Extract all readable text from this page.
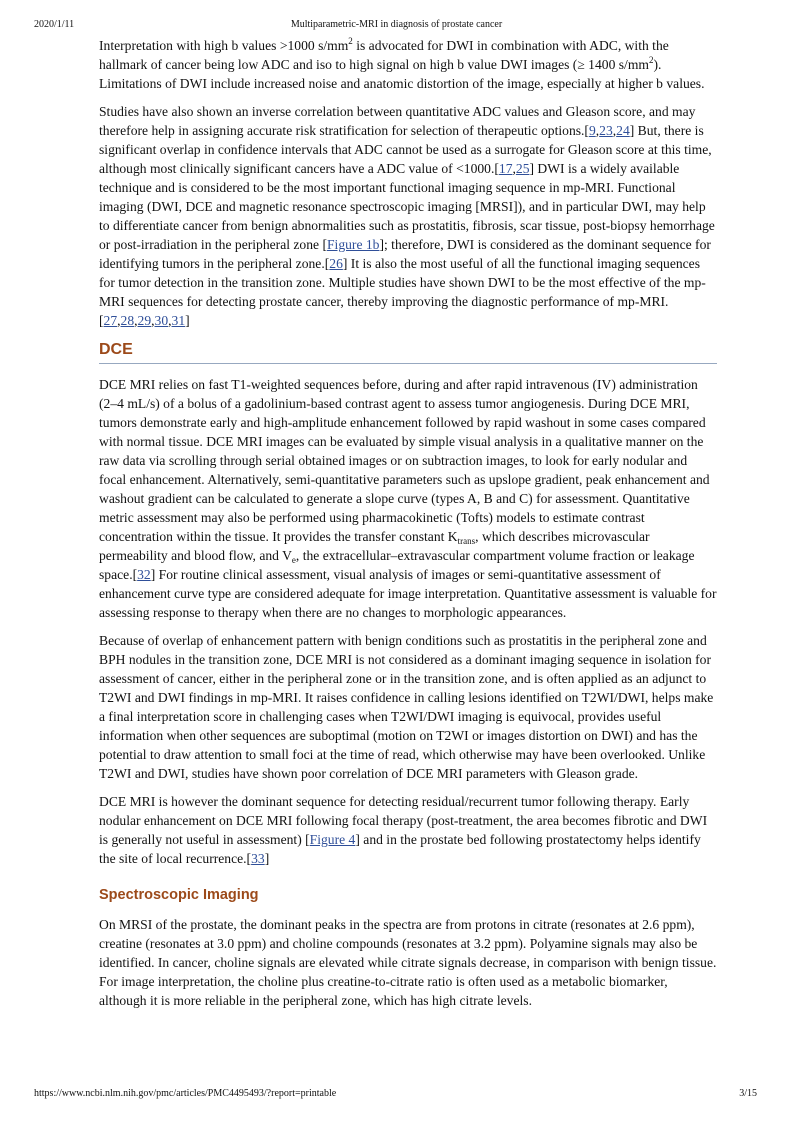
2020/1/11	Multiparametric-MRI in diagnosis of prostate cancer

Interpretation with high b values >1000 $s/mm^2$ is advocated for DWI in combination with ADC, with the hallmark of cancer being low ADC and iso to high signal on high b value DWI images (≥ 1400 $s/mm^2$). Limitations of DWI include increased noise and anatomic distortion of the image, especially at higher b values.

Studies have also shown an inverse correlation between quantitative ADC values and Gleason score, and may therefore help in assigning accurate risk stratification for selection of therapeutic options.[9,23,24] But, there is significant overlap in confidence intervals that ADC cannot be used as a surrogate for Gleason score at this time, although most clinically significant cancers have a ADC value of <1000.[17,25] DWI is a widely available technique and is considered to be the most important functional imaging sequence in mp-MRI. Functional imaging (DWI, DCE and magnetic resonance spectroscopic imaging [MRSI]), and in particular DWI, may help to differentiate cancer from benign abnormalities such as prostatitis, fibrosis, scar tissue, post-biopsy hemorrhage or post-irradiation in the peripheral zone [Figure 1b]; therefore, DWI is considered as the dominant sequence for identifying tumors in the peripheral zone.[26] It is also the most useful of all the functional imaging sequences for tumor detection in the transition zone. Multiple studies have shown DWI to be the most effective of the mp-MRI sequences for detecting prostate cancer, thereby improving the diagnostic performance of mp-MRI.[27,28,29,30,31]

DCE

DCE MRI relies on fast T1-weighted sequences before, during and after rapid intravenous (IV) administration (2–4 mL/s) of a bolus of a gadolinium-based contrast agent to assess tumor angiogenesis. During DCE MRI, tumors demonstrate early and high-amplitude enhancement followed by rapid washout in some cases compared with normal tissue. DCE MRI images can be evaluated by simple visual analysis in a qualitative manner on the raw data via scrolling through serial obtained images or on subtraction images, to look for early nodular and focal enhancement. Alternatively, semi-quantitative parameters such as upslope gradient, peak enhancement and washout gradient can be calculated to generate a slope curve (types A, B and C) for assessment. Quantitative metric assessment may also be performed using pharmacokinetic (Tofts) models to estimate contrast concentration within the tissue. It provides the transfer constant $K_{trans}$, which describes microvascular permeability and blood flow, and $V_e$, the extracellular–extravascular compartment volume fraction or leakage space.[32] For routine clinical assessment, visual analysis of images or semi-quantitative assessment of enhancement curve type are considered adequate for image interpretation. Quantitative assessment is valuable for assessing response to therapy when there are no changes to morphologic appearances.

Because of overlap of enhancement pattern with benign conditions such as prostatitis in the peripheral zone and BPH nodules in the transition zone, DCE MRI is not considered as a dominant imaging sequence in isolation for assessment of cancer, either in the peripheral zone or in the transition zone, and is often applied as an adjunct to T2WI and DWI findings in mp-MRI. It raises confidence in calling lesions identified on T2WI/DWI, helps make a final interpretation score in challenging cases when T2WI/DWI imaging is equivocal, provides useful information when other sequences are suboptimal (motion on T2WI or images distortion on DWI) and has the potential to draw attention to small foci at the time of read, which otherwise may have been overlooked. Unlike T2WI and DWI, studies have shown poor correlation of DCE MRI parameters with Gleason grade.

DCE MRI is however the dominant sequence for detecting residual/recurrent tumor following therapy. Early nodular enhancement on DCE MRI following focal therapy (post-treatment, the area becomes fibrotic and DWI is generally not useful in assessment) [Figure 4] and in the prostate bed following prostatectomy helps identify the site of local recurrence.[33]

Spectroscopic Imaging

On MRSI of the prostate, the dominant peaks in the spectra are from protons in citrate (resonates at 2.6 ppm), creatine (resonates at 3.0 ppm) and choline compounds (resonates at 3.2 ppm). Polyamine signals may also be identified. In cancer, choline signals are elevated while citrate signals decrease, in comparison with benign tissue. For image interpretation, the choline plus creatine-to-citrate ratio is often used as a metabolic biomarker, although it is more reliable in the peripheral zone, which has high citrate levels.

https://www.ncbi.nlm.nih.gov/pmc/articles/PMC4495493/?report=printable	3/15
